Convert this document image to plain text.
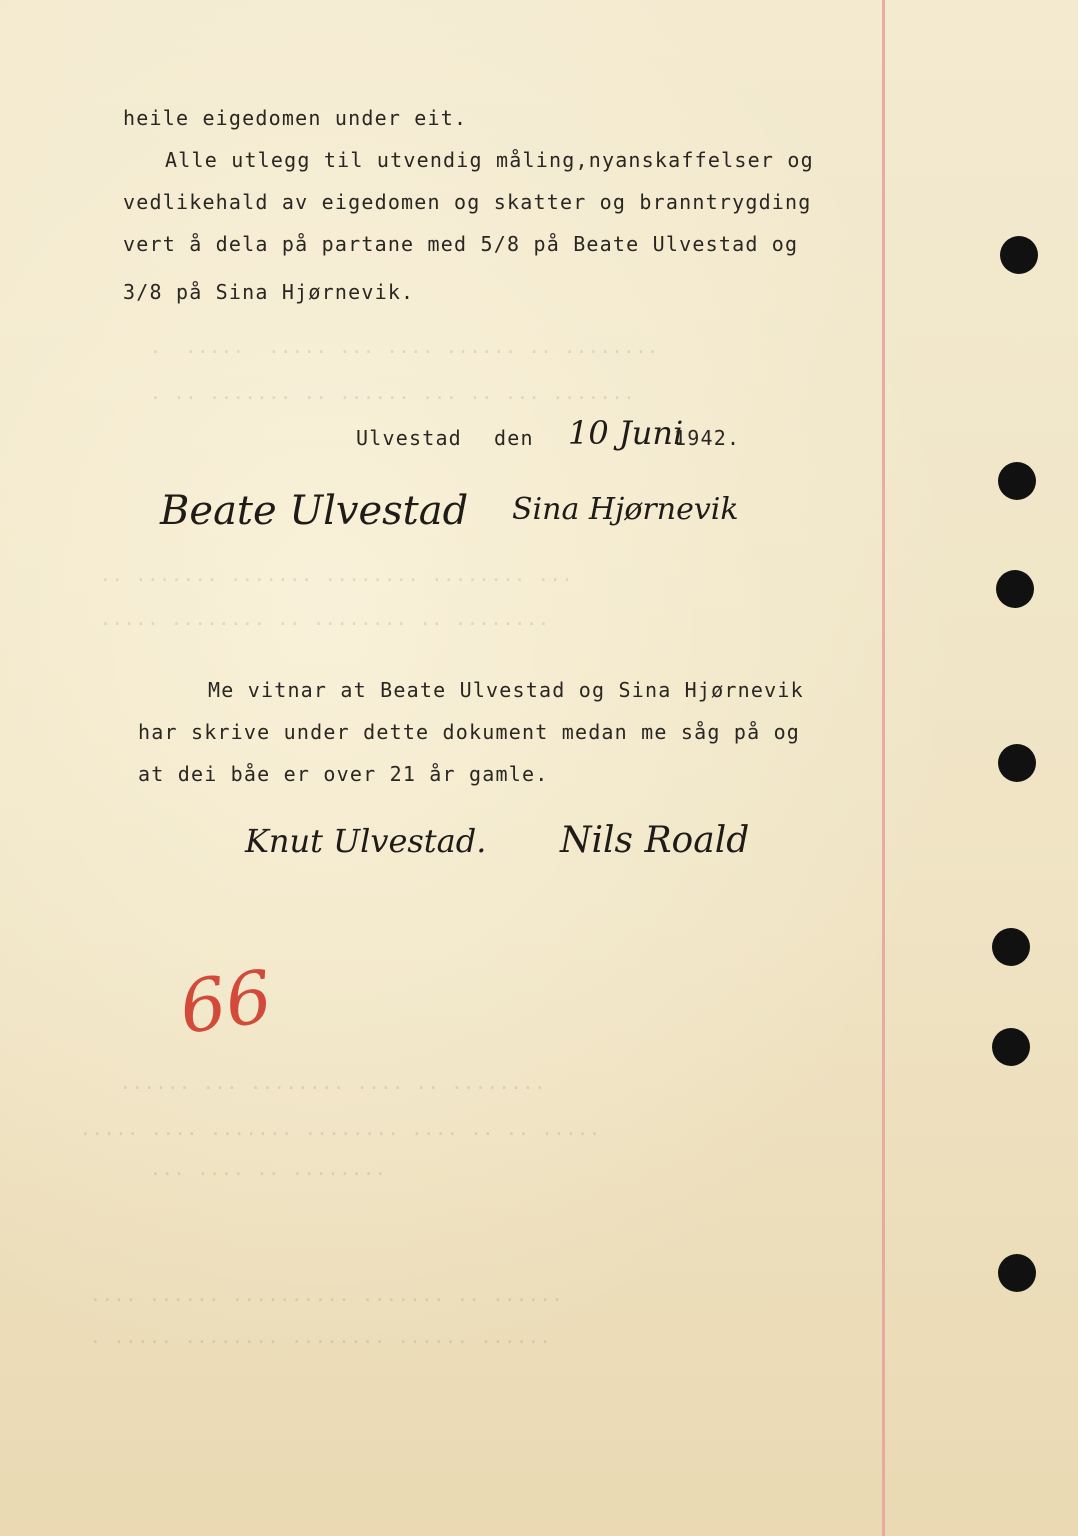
·  ·····  ····· ··· ···· ······ ·· ········
· ·· ······· ·· ······ ··· ·· ··· ·······
·· ······· ······· ········ ········ ···
····· ········ ·· ········ ·· ········
······ ··· ········ ···· ·· ········
····· ···· ······· ········ ···· ·· ·· ·····
··· ···· ·· ········
···· ······ ·········· ······· ·· ······
· ····· ········ ········ ······ ······
heile eigedomen under eit.
Alle utlegg til utvendig måling,nyanskaffelser og
vedlikehald av eigedomen og skatter og branntrygding
vert å dela på partane med 5/8 på Beate Ulvestad og
3/8 på Sina Hjørnevik.
Ulvestad den 10 Juni
1942.
Beate Ulvestad Sina Hjørnevik
Me vitnar at Beate Ulvestad og Sina Hjørnevik
har skrive under dette dokument medan me såg på og
at dei båe er over 21 år gamle.
Knut Ulvestad. Nils Roald
66
